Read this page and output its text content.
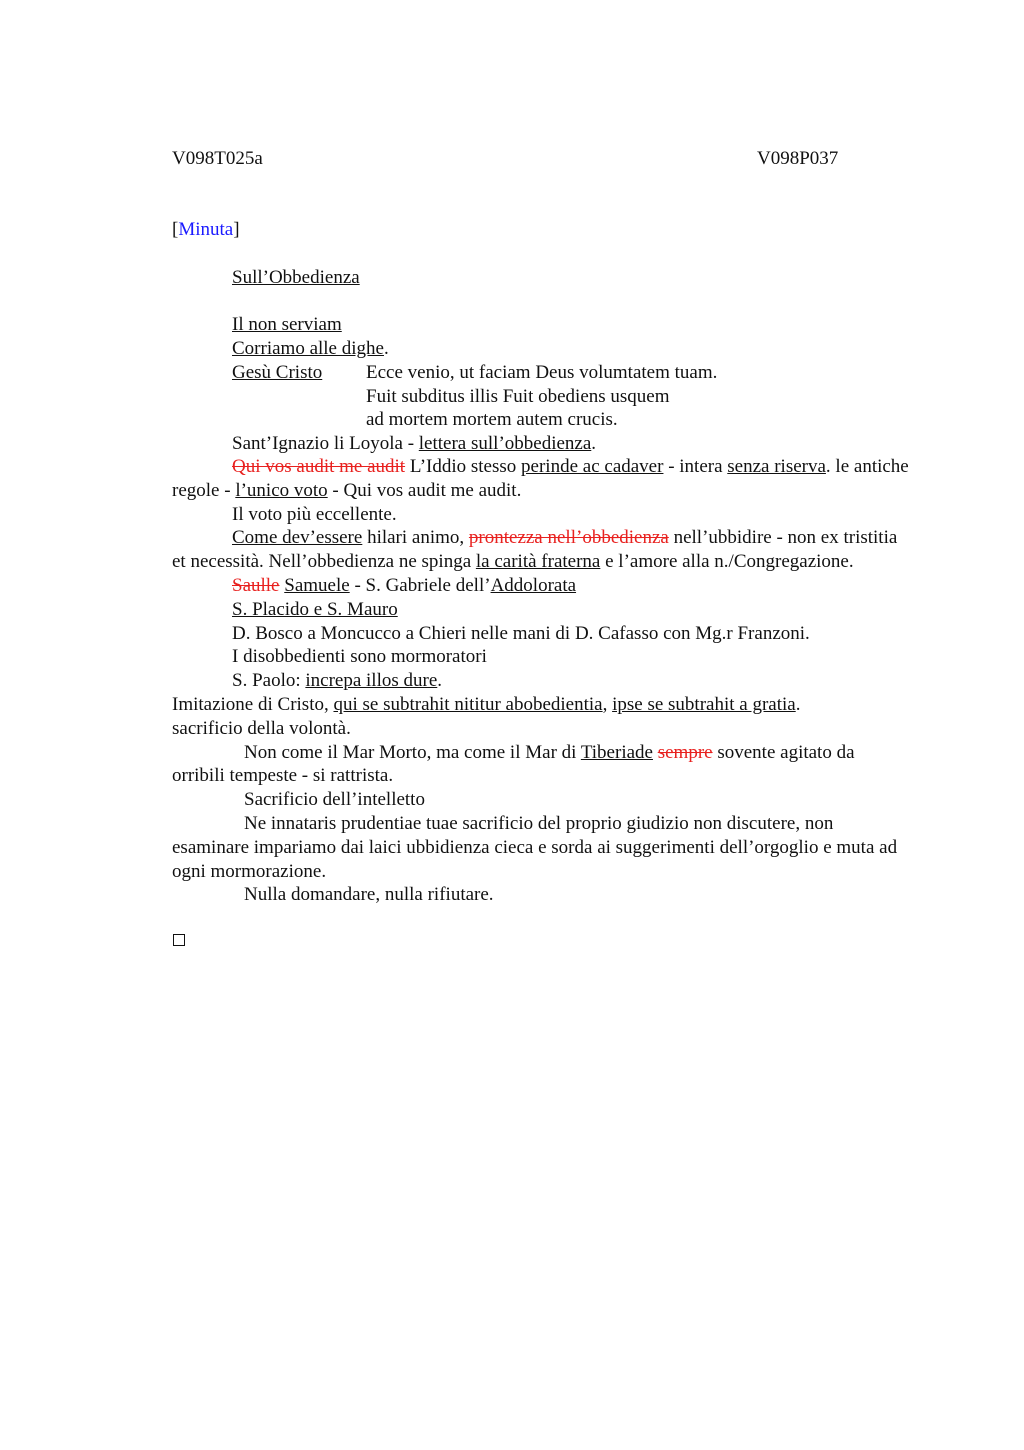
V098T025a	V098P037
[Minuta]
Sull’Obbedienza
Il non serviam
Corriamo alle dighe.
Gesù Cristo Ecce venio, ut faciam Deus volumtatem tuam.
Fuit subditus illis Fuit obediens usquem
ad mortem mortem autem crucis.
Sant’Ignazio li Loyola - lettera sull’obbedienza.
Qui vos audit me audit L’Iddio stesso perinde ac cadaver - intera senza riserva. le antiche regole - l’unico voto - Qui vos audit me audit.
Il voto più eccellente.
Come dev’essere hilari animo, prontezza nell’obbedienza nell’ubbidire - non ex tristitia et necessità. Nell’obbedienza ne spinga la carità fraterna e l’amore alla n./Congregazione.
Saulle Samuele - S. Gabriele dell’Addolorata
S. Placido e S. Mauro
D. Bosco a Moncucco a Chieri nelle mani di D. Cafasso con Mg.r Franzoni.
I disobbedienti sono mormoratori
S. Paolo: increpa illos dure.
Imitazione di Cristo, qui se subtrahit nititur abobedientia, ipse se subtrahit a gratia.
sacrificio della volontà.
Non come il Mar Morto, ma come il Mar di Tiberiade sempre sovente agitato da orribili tempeste - si rattrista.
Sacrificio dell’intelletto
Ne innataris prudentiae tuae sacrificio del proprio giudizio non discutere, non esaminare impariamo dai laici ubbidienza cieca e sorda ai suggerimenti dell’orgoglio e muta ad ogni mormorazione.
Nulla domandare, nulla rifiutare.
